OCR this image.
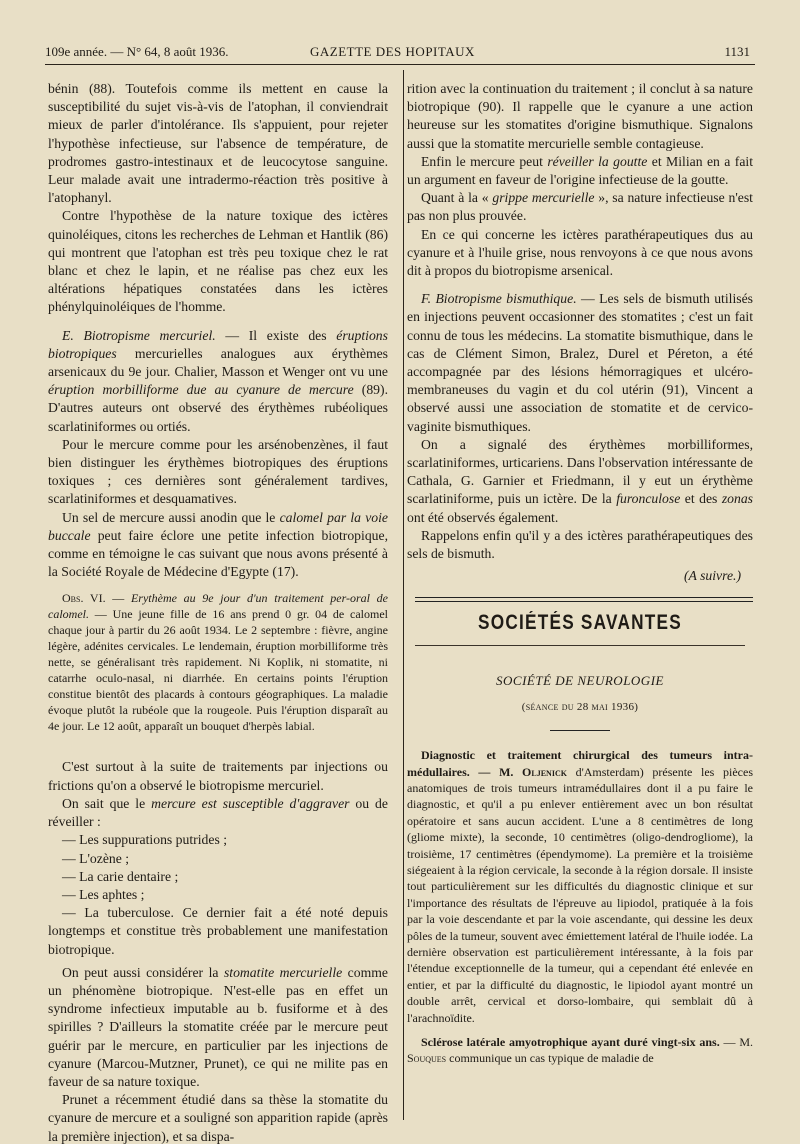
109e année. — N° 64, 8 août 1936.	GAZETTE DES HOPITAUX	1131

bénin (88). Toutefois comme ils mettent en cause la susceptibilité du sujet vis-à-vis de l'atophan, il conviendrait mieux de parler d'intolérance. Ils s'appuient, pour rejeter l'hypothèse infectieuse, sur l'absence de température, de prodromes gastro-intestinaux et de leucocytose sanguine. Leur malade avait une intradermo-réaction très positive à l'atophanyl.

Contre l'hypothèse de la nature toxique des ictères quinoléiques, citons les recherches de Lehman et Hantlik (86) qui montrent que l'atophan est très peu toxique chez le rat blanc et chez le lapin, et ne réalise pas chez eux les altérations hépatiques constatées dans les ictères phénylquinoléiques de l'homme.

E. Biotropisme mercuriel. — Il existe des éruptions biotropiques mercurielles analogues aux érythèmes arsenicaux du 9e jour. Chalier, Masson et Wenger ont vu une éruption morbilliforme due au cyanure de mercure (89). D'autres auteurs ont observé des érythèmes rubéoliques scarlatiniformes ou ortiés.

Pour le mercure comme pour les arsénobenzènes, il faut bien distinguer les érythèmes biotropiques des éruptions toxiques ; ces dernières sont généralement tardives, scarlatiniformes et desquamatives.

Un sel de mercure aussi anodin que le calomel par la voie buccale peut faire éclore une petite infection biotropique, comme en témoigne le cas suivant que nous avons présenté à la Société Royale de Médecine d'Egypte (17).

Obs. VI. — Erythème au 9e jour d'un traitement per-oral de calomel. — Une jeune fille de 16 ans prend 0 gr. 04 de calomel chaque jour à partir du 26 août 1934. Le 2 septembre : fièvre, angine légère, adénites cervicales. Le lendemain, éruption morbilliforme très nette, se généralisant très rapidement. Ni Koplik, ni stomatite, ni catarrhe oculo-nasal, ni diarrhée. En certains points l'éruption constitue bientôt des placards à contours géographiques. La maladie évoque plutôt la rubéole que la rougeole. Puis l'éruption disparaît au 4e jour. Le 12 août, apparaît un bouquet d'herpès labial.

C'est surtout à la suite de traitements par injections ou frictions qu'on a observé le biotropisme mercuriel.

On sait que le mercure est susceptible d'aggraver ou de réveiller :

— Les suppurations putrides ;

— L'ozène ;

— La carie dentaire ;

— Les aphtes ;

— La tuberculose. Ce dernier fait a été noté depuis longtemps et constitue très probablement une manifestation biotropique.

On peut aussi considérer la stomatite mercurielle comme un phénomène biotropique. N'est-elle pas en effet un syndrome infectieux imputable au b. fusiforme et à des spirilles ? D'ailleurs la stomatite créée par le mercure peut guérir par le mercure, en particulier par les injections de cyanure (Marcou-Mutzner, Prunet), ce qui ne milite pas en faveur de sa nature toxique.

Prunet a récemment étudié dans sa thèse la stomatite du cyanure de mercure et a souligné son apparition rapide (après la première injection), et sa dispa-

rition avec la continuation du traitement ; il conclut à sa nature biotropique (90). Il rappelle que le cyanure a une action heureuse sur les stomatites d'origine bismuthique. Signalons aussi que la stomatite mercurielle semble contagieuse.

Enfin le mercure peut réveiller la goutte et Milian en a fait un argument en faveur de l'origine infectieuse de la goutte.

Quant à la « grippe mercurielle », sa nature infectieuse n'est pas non plus prouvée.

En ce qui concerne les ictères parathérapeutiques dus au cyanure et à l'huile grise, nous renvoyons à ce que nous avons dit à propos du biotropisme arsenical.

F. Biotropisme bismuthique. — Les sels de bismuth utilisés en injections peuvent occasionner des stomatites ; c'est un fait connu de tous les médecins. La stomatite bismuthique, dans le cas de Clément Simon, Bralez, Durel et Péreton, a été accompagnée par des lésions hémorragiques et ulcéro-membraneuses du vagin et du col utérin (91), Vincent a observé aussi une association de stomatite et de cervico-vaginite bismuthiques.

On a signalé des érythèmes morbilliformes, scarlatiniformes, urticariens. Dans l'observation intéressante de Cathala, G. Garnier et Friedmann, il y eut un érythème scarlatiniforme, puis un ictère. De la furonculose et des zonas ont été observés également.

Rappelons enfin qu'il y a des ictères parathérapeutiques des sels de bismuth.

(A suivre.)

SOCIÉTÉS SAVANTES
SOCIÉTÉ DE NEUROLOGIE
(séance du 28 mai 1936)

Diagnostic et traitement chirurgical des tumeurs intra-médullaires. — M. Oljenick d'Amsterdam) présente les pièces anatomiques de trois tumeurs intramédullaires dont il a pu faire le diagnostic, et qu'il a pu enlever entièrement avec un bon résultat opératoire et sans aucun accident. L'une a 8 centimètres de long (gliome mixte), la seconde, 10 centimètres (oligo-dendrogliome), la troisième, 17 centimètres (épendymome). La première et la troisième siégeaient à la région cervicale, la seconde à la région dorsale. Il insiste tout particulièrement sur les difficultés du diagnostic clinique et sur l'importance des résultats de l'épreuve au lipiodol, pratiquée à la fois par la voie descendante et par la voie ascendante, qui dessine les deux pôles de la tumeur, souvent avec émiettement latéral de l'huile iodée. La dernière observation est particulièrement intéressante, à la fois par l'étendue exceptionnelle de la tumeur, qui a cependant été enlevée en entier, et par la difficulté du diagnostic, le lipiodol ayant montré un double arrêt, cervical et dorso-lombaire, qui semblait dû à l'arachnoïdite.

Sclérose latérale amyotrophique ayant duré vingt-six ans. — M. Souques communique un cas typique de maladie de
